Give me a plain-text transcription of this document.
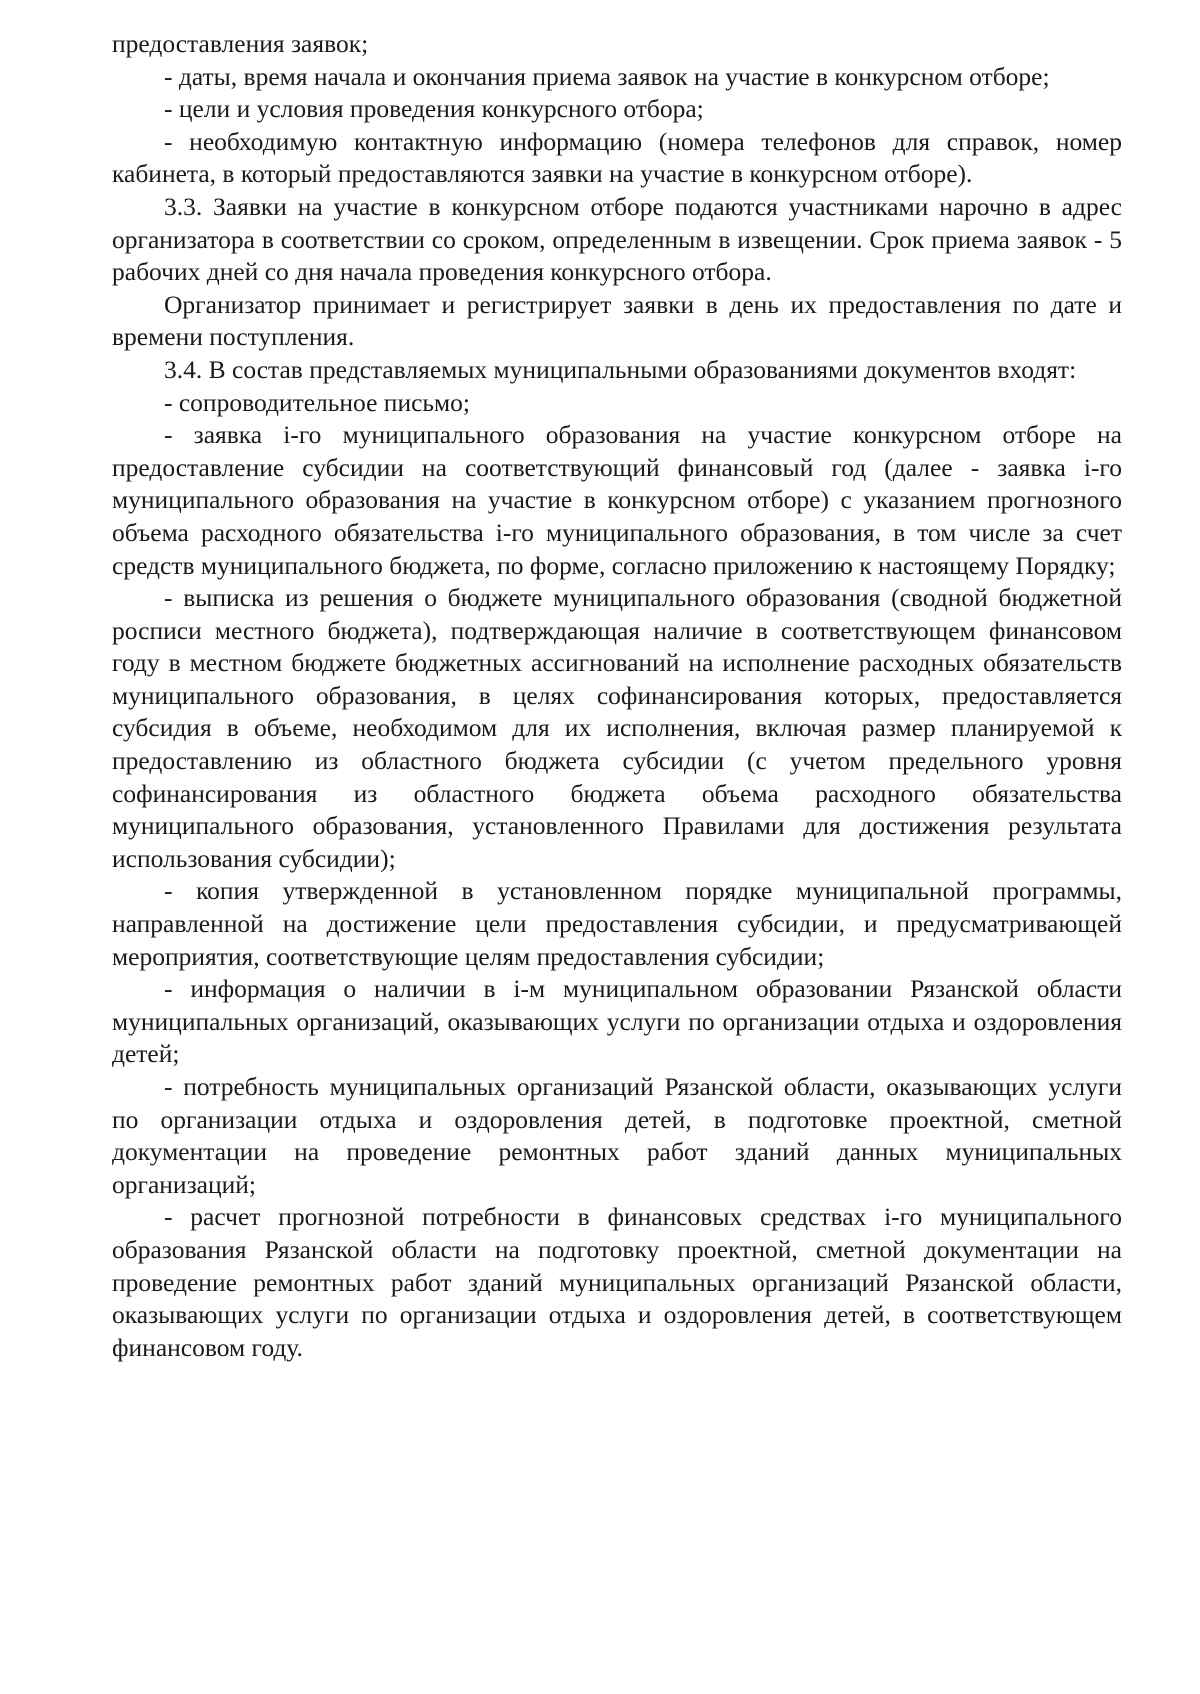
предоставления заявок;

- даты, время начала и окончания приема заявок на участие в конкурсном отборе;

- цели и условия проведения конкурсного отбора;

- необходимую контактную информацию (номера телефонов для справок, номер кабинета, в который предоставляются заявки на участие в конкурсном отборе).

3.3. Заявки на участие в конкурсном отборе подаются участниками нарочно в адрес организатора в соответствии со сроком, определенным в извещении. Срок приема заявок - 5 рабочих дней со дня начала проведения конкурсного отбора.

Организатор принимает и регистрирует заявки в день их предоставления по дате и времени поступления.

3.4. В состав представляемых муниципальными образованиями документов входят:

- сопроводительное письмо;

- заявка i-го муниципального образования на участие конкурсном отборе на предоставление субсидии на соответствующий финансовый год (далее - заявка i-го муниципального образования на участие в конкурсном отборе) с указанием прогнозного объема расходного обязательства i-го муниципального образования, в том числе за счет средств муниципального бюджета, по форме, согласно приложению к настоящему Порядку;

- выписка из решения о бюджете муниципального образования (сводной бюджетной росписи местного бюджета), подтверждающая наличие в соответствующем финансовом году в местном бюджете бюджетных ассигнований на исполнение расходных обязательств муниципального образования, в целях софинансирования которых, предоставляется субсидия в объеме, необходимом для их исполнения, включая размер планируемой к предоставлению из областного бюджета субсидии (с учетом предельного уровня софинансирования из областного бюджета объема расходного обязательства муниципального образования, установленного Правилами для достижения результата использования субсидии);

- копия утвержденной в установленном порядке муниципальной программы, направленной на достижение цели предоставления субсидии, и предусматривающей мероприятия, соответствующие целям предоставления субсидии;

- информация о наличии в i-м муниципальном образовании Рязанской области муниципальных организаций, оказывающих услуги по организации отдыха и оздоровления детей;

- потребность муниципальных организаций Рязанской области, оказывающих услуги по организации отдыха и оздоровления детей, в подготовке проектной, сметной документации на проведение ремонтных работ зданий данных муниципальных организаций;

- расчет прогнозной потребности в финансовых средствах i-го муниципального образования Рязанской области на подготовку проектной, сметной документации на проведение ремонтных работ зданий муниципальных организаций Рязанской области, оказывающих услуги по организации отдыха и оздоровления детей, в соответствующем финансовом году.
